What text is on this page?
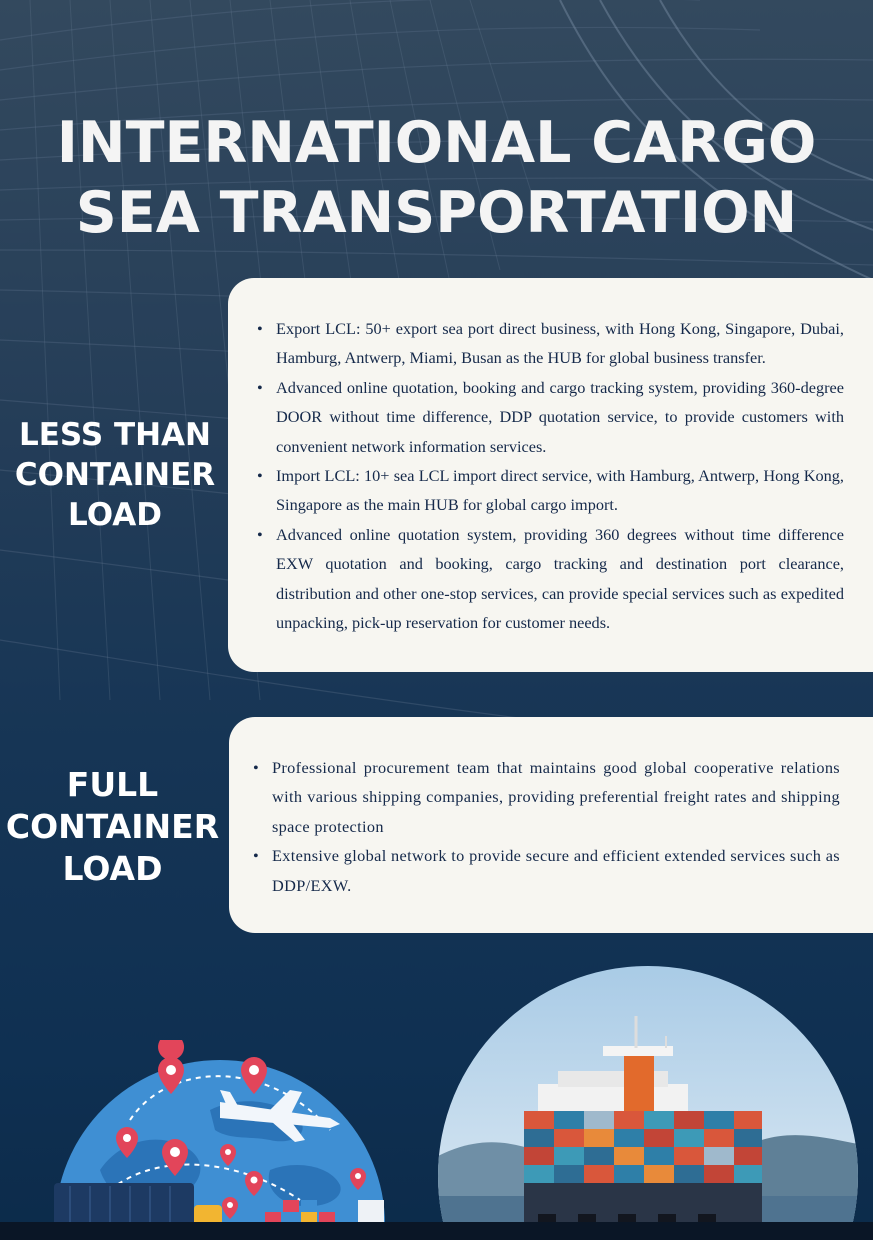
INTERNATIONAL CARGO SEA TRANSPORTATION
LESS THAN CONTAINER LOAD
• Export LCL: 50+ export sea port direct business, with Hong Kong, Singapore, Dubai, Hamburg, Antwerp, Miami, Busan as the HUB for global business transfer.
• Advanced online quotation, booking and cargo tracking system, providing 360-degree DOOR without time difference, DDP quotation service, to provide customers with convenient network information services.
• Import LCL: 10+ sea LCL import direct service, with Hamburg, Antwerp, Hong Kong, Singapore as the main HUB for global cargo import.
• Advanced online quotation system, providing 360 degrees without time difference EXW quotation and booking, cargo tracking and destination port clearance, distribution and other one-stop services, can provide special services such as expedited unpacking, pick-up reservation for customer needs.
FULL CONTAINER LOAD
• Professional procurement team that maintains good global cooperative relations with various shipping companies, providing preferential freight rates and shipping space protection
• Extensive global network to provide secure and efficient extended services such as DDP/EXW.
